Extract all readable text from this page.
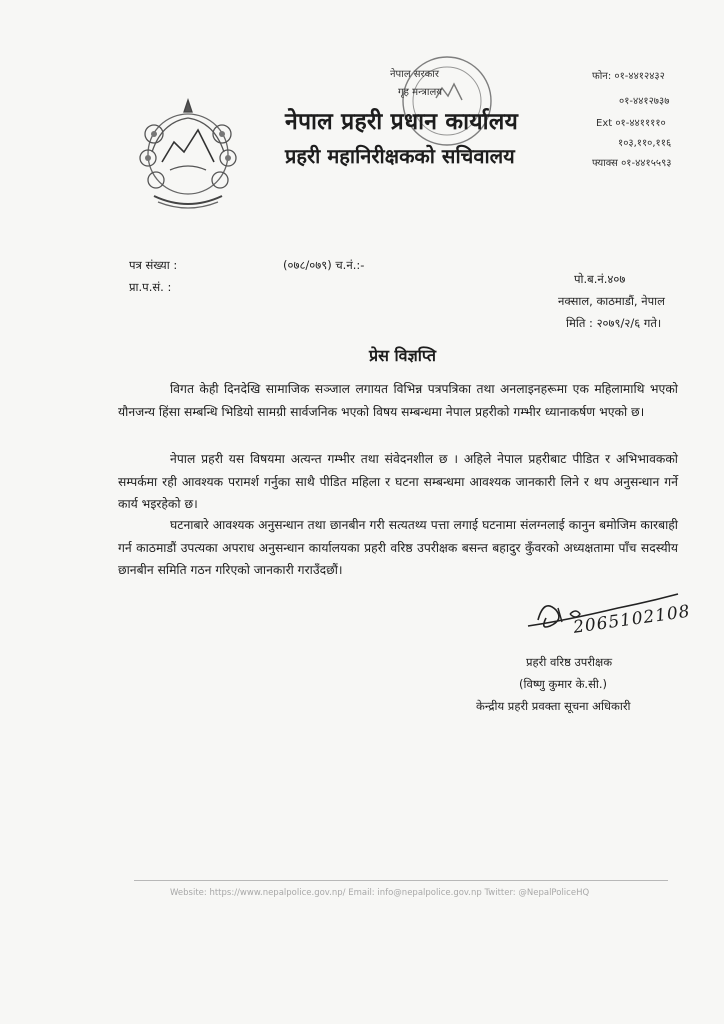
नेपाल सरकार
गृह मन्त्रालय
नेपाल प्रहरी प्रधान कार्यालय
प्रहरी महानिरीक्षकको सचिवालय
फोन: ०१-४४१२४३२
०१-४४१२७३७
Ext ०१-४४११११०
१०३,११०,११६
फ्याक्स ०१-४४१५५९३
पत्र संख्या :
प्रा.प.सं. :
(०७८/०७९) च.नं.:-
पो.ब.नं.४०७
नक्साल, काठमाडौं, नेपाल
मिति : २०७९/२/६ गते।
प्रेस विज्ञप्ति
विगत केही दिनदेखि सामाजिक सञ्जाल लगायत विभिन्न पत्रपत्रिका तथा अनलाइनहरूमा एक महिलामाथि भएको यौनजन्य हिंसा सम्बन्धि भिडियो सामग्री सार्वजनिक भएको विषय सम्बन्धमा नेपाल प्रहरीको गम्भीर ध्यानाकर्षण भएको छ।
नेपाल प्रहरी यस विषयमा अत्यन्त गम्भीर तथा संवेदनशील छ । अहिले नेपाल प्रहरीबाट पीडित र अभिभावकको सम्पर्कमा रही आवश्यक परामर्श गर्नुका साथै पीडित महिला र घटना सम्बन्धमा आवश्यक जानकारी लिने र थप अनुसन्धान गर्ने कार्य भइरहेको छ।
घटनाबारे आवश्यक अनुसन्धान तथा छानबीन गरी सत्यतथ्य पत्ता लगाई घटनामा संलग्नलाई कानुन बमोजिम कारबाही गर्न काठमाडौं उपत्यका अपराध अनुसन्धान कार्यालयका प्रहरी वरिष्ठ उपरीक्षक बसन्त बहादुर कुँवरको अध्यक्षतामा पाँच सदस्यीय छानबीन समिति गठन गरिएको जानकारी गराउँदछौं।
2065102108
प्रहरी वरिष्ठ उपरीक्षक
(विष्णु कुमार के.सी.)
केन्द्रीय प्रहरी प्रवक्ता सूचना अधिकारी
Website: https://www.nepalpolice.gov.np/ Email: info@nepalpolice.gov.np Twitter: @NepalPoliceHQ
